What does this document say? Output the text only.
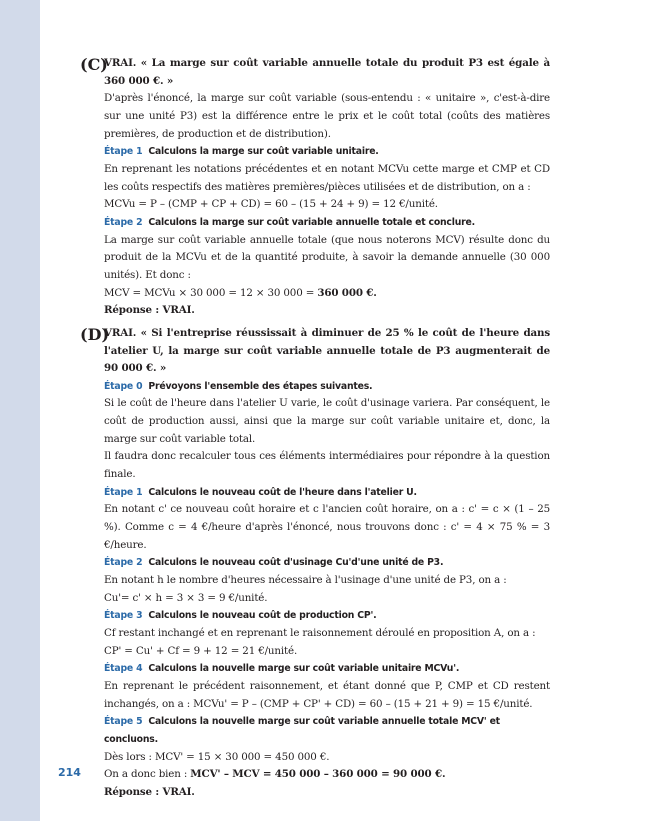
214
(C)

VRAI. « La marge sur coût variable annuelle totale du produit P3 est égale à 360 000 €. »

D'après l'énoncé, la marge sur coût variable (sous-entendu : « unitaire », c'est-à-dire sur une unité P3) est la différence entre le prix et le coût total (coûts des matières premières, de production et de distribution).

Étape 1 Calculons la marge sur coût variable unitaire.

En reprenant les notations précédentes et en notant MCVu cette marge et CMP et CD les coûts respectifs des matières premières/pièces utilisées et de distribution, on a :

MCVu = P – (CMP + CP + CD) = 60 – (15 + 24 + 9) = 12 €/unité.

Étape 2 Calculons la marge sur coût variable annuelle totale et conclure.

La marge sur coût variable annuelle totale (que nous noterons MCV) résulte donc du produit de la MCVu et de la quantité produite, à savoir la demande annuelle (30 000 unités). Et donc :

MCV = MCVu × 30 000 = 12 × 30 000 = 360 000 €.

Réponse : VRAI.

(D)

VRAI. « Si l'entreprise réussissait à diminuer de 25 % le coût de l'heure dans l'atelier U, la marge sur coût variable annuelle totale de P3 augmenterait de 90 000 €. »

Étape 0 Prévoyons l'ensemble des étapes suivantes.

Si le coût de l'heure dans l'atelier U varie, le coût d'usinage variera. Par conséquent, le coût de production aussi, ainsi que la marge sur coût variable unitaire et, donc, la marge sur coût variable total.

Il faudra donc recalculer tous ces éléments intermédiaires pour répondre à la question finale.

Étape 1 Calculons le nouveau coût de l'heure dans l'atelier U.

En notant c' ce nouveau coût horaire et c l'ancien coût horaire, on a : c' = c × (1 – 25 %). Comme c = 4 €/heure d'après l'énoncé, nous trouvons donc : c' = 4 × 75 % = 3 €/heure.

Étape 2 Calculons le nouveau coût d'usinage Cu'd'une unité de P3.

En notant h le nombre d'heures nécessaire à l'usinage d'une unité de P3, on a :

Cu'= c' × h = 3 × 3 = 9 €/unité.

Étape 3 Calculons le nouveau coût de production CP'.

Cf restant inchangé et en reprenant le raisonnement déroulé en proposition A, on a :

CP' = Cu' + Cf = 9 + 12 = 21 €/unité.

Étape 4 Calculons la nouvelle marge sur coût variable unitaire MCVu'.

En reprenant le précédent raisonnement, et étant donné que P, CMP et CD restent inchangés, on a : MCVu' = P – (CMP + CP' + CD) = 60 – (15 + 21 + 9) = 15 €/unité.

Étape 5 Calculons la nouvelle marge sur coût variable annuelle totale MCV' et concluons.

Dès lors : MCV' = 15 × 30 000 = 450 000 €.

On a donc bien : MCV' – MCV = 450 000 – 360 000 = 90 000 €.

Réponse : VRAI.
